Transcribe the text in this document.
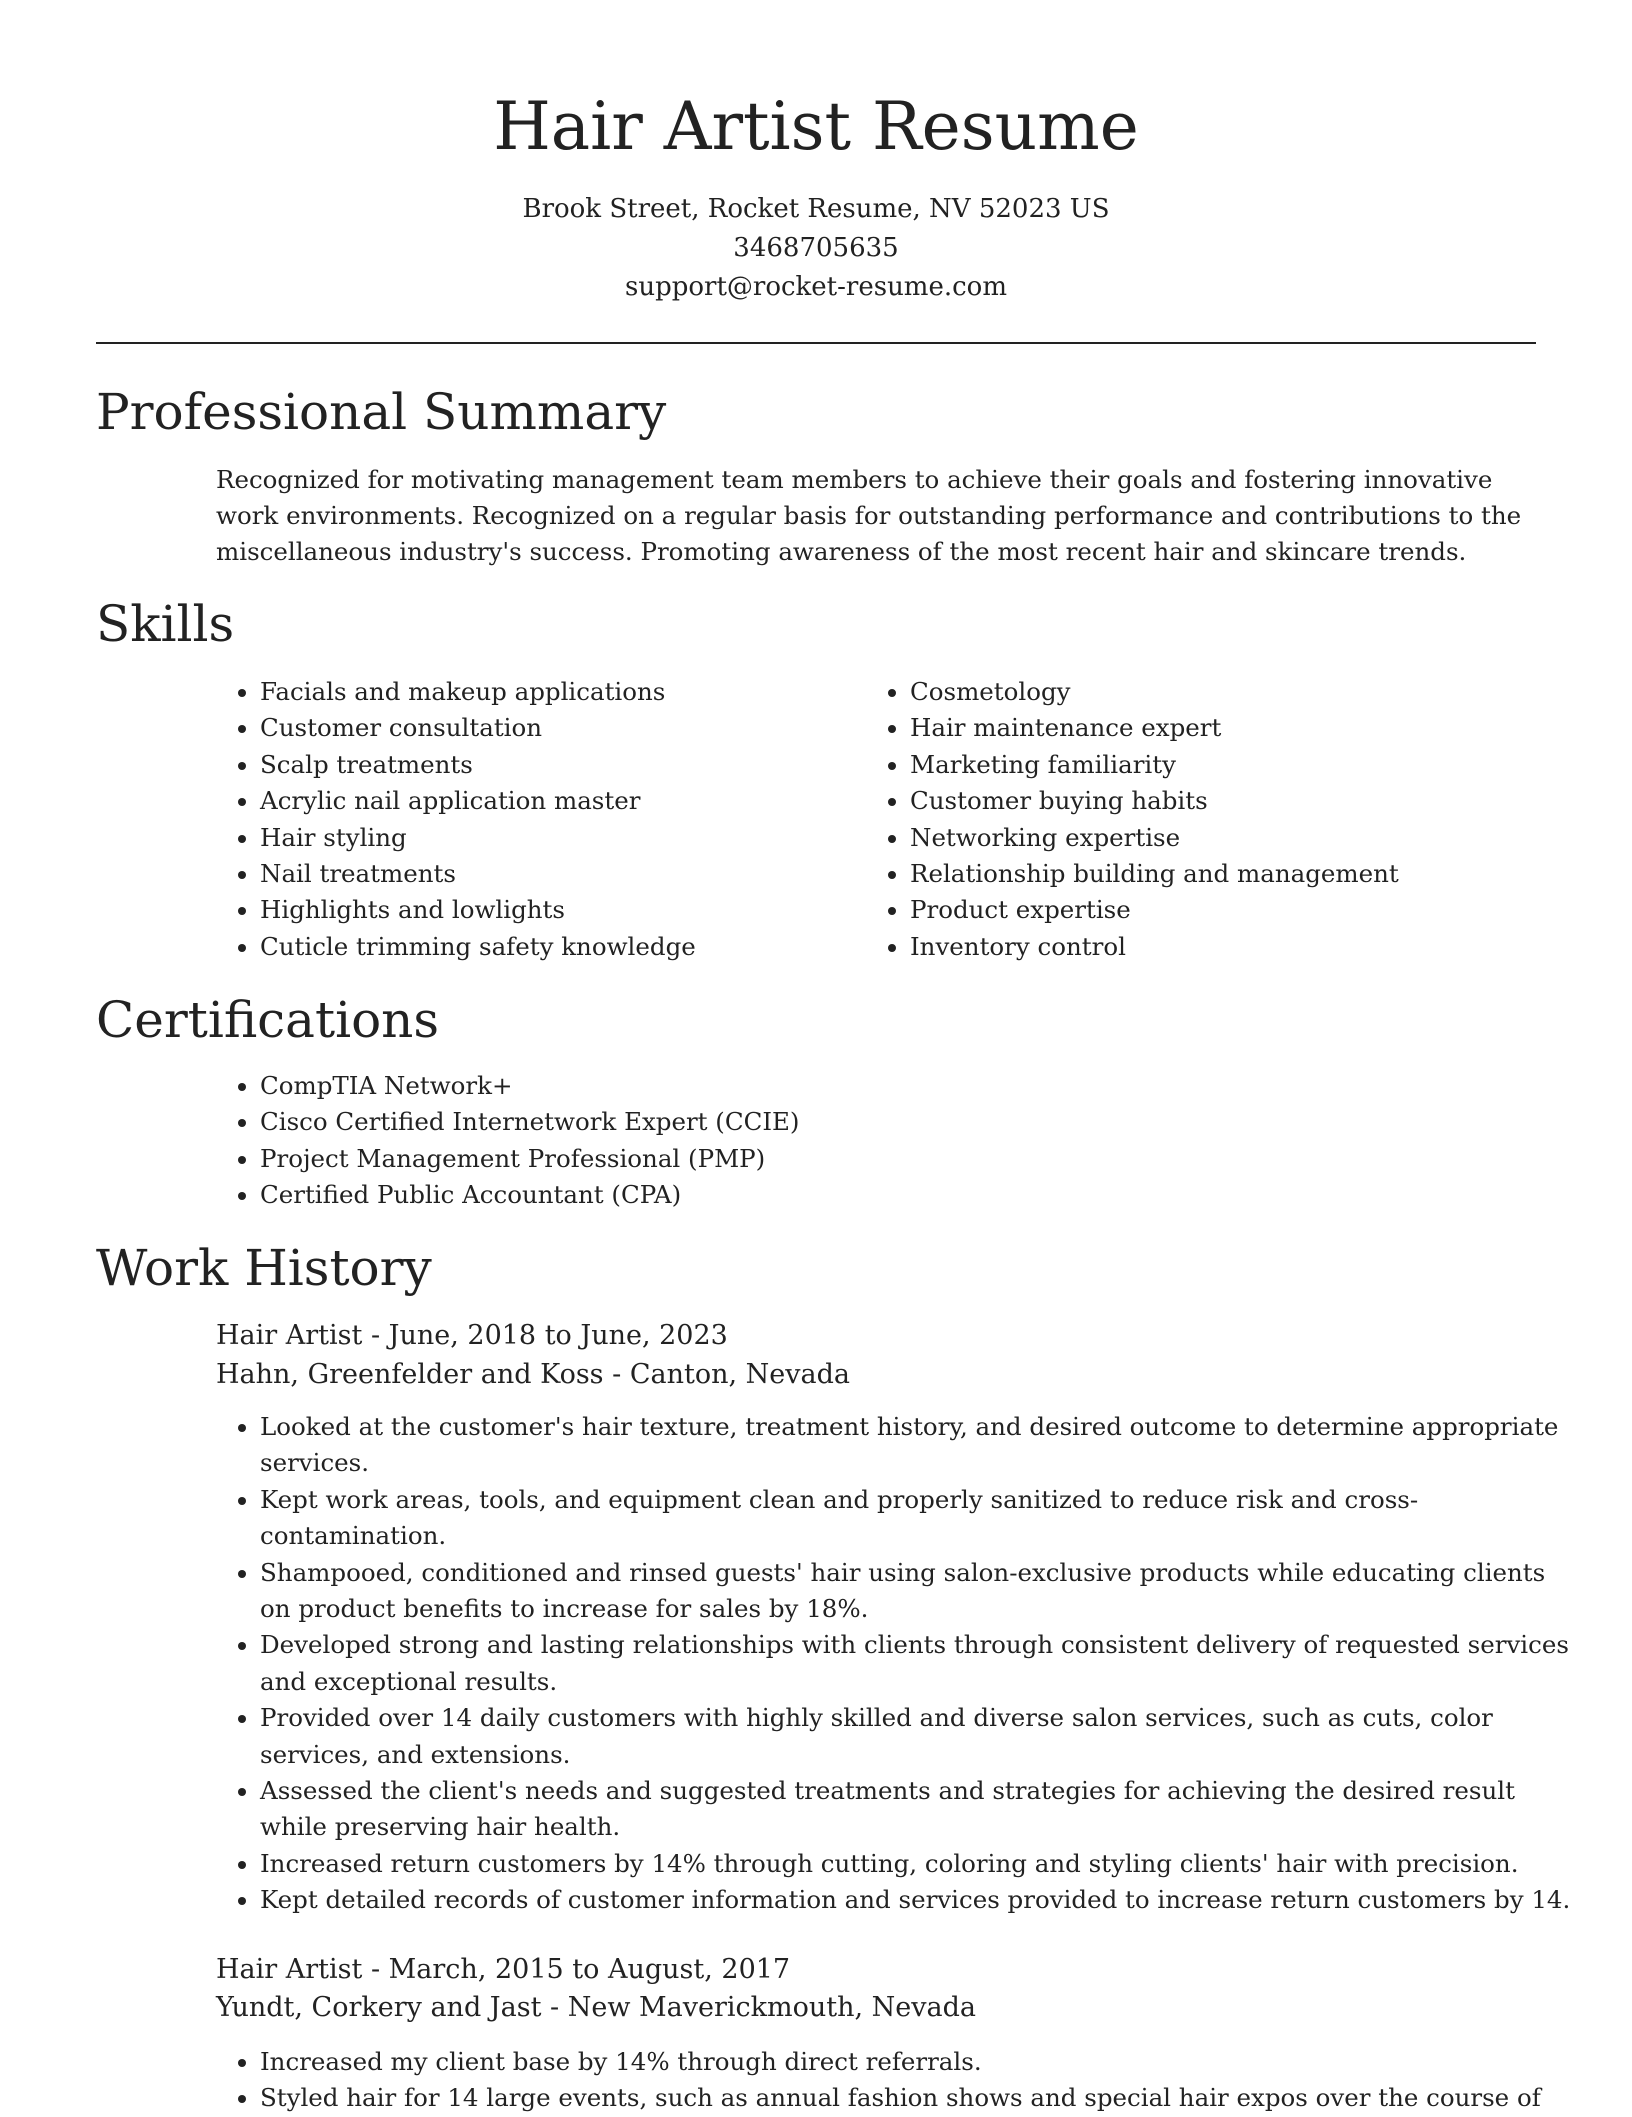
Hair Artist Resume
Brook Street, Rocket Resume, NV 52023 US
3468705635
support@rocket-resume.com
Professional Summary

Recognized for motivating management team members to achieve their goals and fostering innovative work environments. Recognized on a regular basis for outstanding performance and contributions to the miscellaneous industry's success. Promoting awareness of the most recent hair and skincare trends.

Skills
• Facials and makeup applications
• Customer consultation
• Scalp treatments
• Acrylic nail application master
• Hair styling
• Nail treatments
• Highlights and lowlights
• Cuticle trimming safety knowledge
• Cosmetology
• Hair maintenance expert
• Marketing familiarity
• Customer buying habits
• Networking expertise
• Relationship building and management
• Product expertise
• Inventory control
Certifications
• CompTIA Network+
• Cisco Certified Internetwork Expert (CCIE)
• Project Management Professional (PMP)
• Certified Public Accountant (CPA)
Work History
Hair Artist - June, 2018 to June, 2023
Hahn, Greenfelder and Koss - Canton, Nevada
• Looked at the customer's hair texture, treatment history, and desired outcome to determine appropriate services.
• Kept work areas, tools, and equipment clean and properly sanitized to reduce risk and cross-contamination.
• Shampooed, conditioned and rinsed guests' hair using salon-exclusive products while educating clients on product benefits to increase for sales by 18%.
• Developed strong and lasting relationships with clients through consistent delivery of requested services and exceptional results.
• Provided over 14 daily customers with highly skilled and diverse salon services, such as cuts, color services, and extensions.
• Assessed the client's needs and suggested treatments and strategies for achieving the desired result while preserving hair health.
• Increased return customers by 14% through cutting, coloring and styling clients' hair with precision.
• Kept detailed records of customer information and services provided to increase return customers by 14.
Hair Artist - March, 2015 to August, 2017
Yundt, Corkery and Jast - New Maverickmouth, Nevada
• Increased my client base by 14% through direct referrals.
• Styled hair for 14 large events, such as annual fashion shows and special hair expos over the course of
